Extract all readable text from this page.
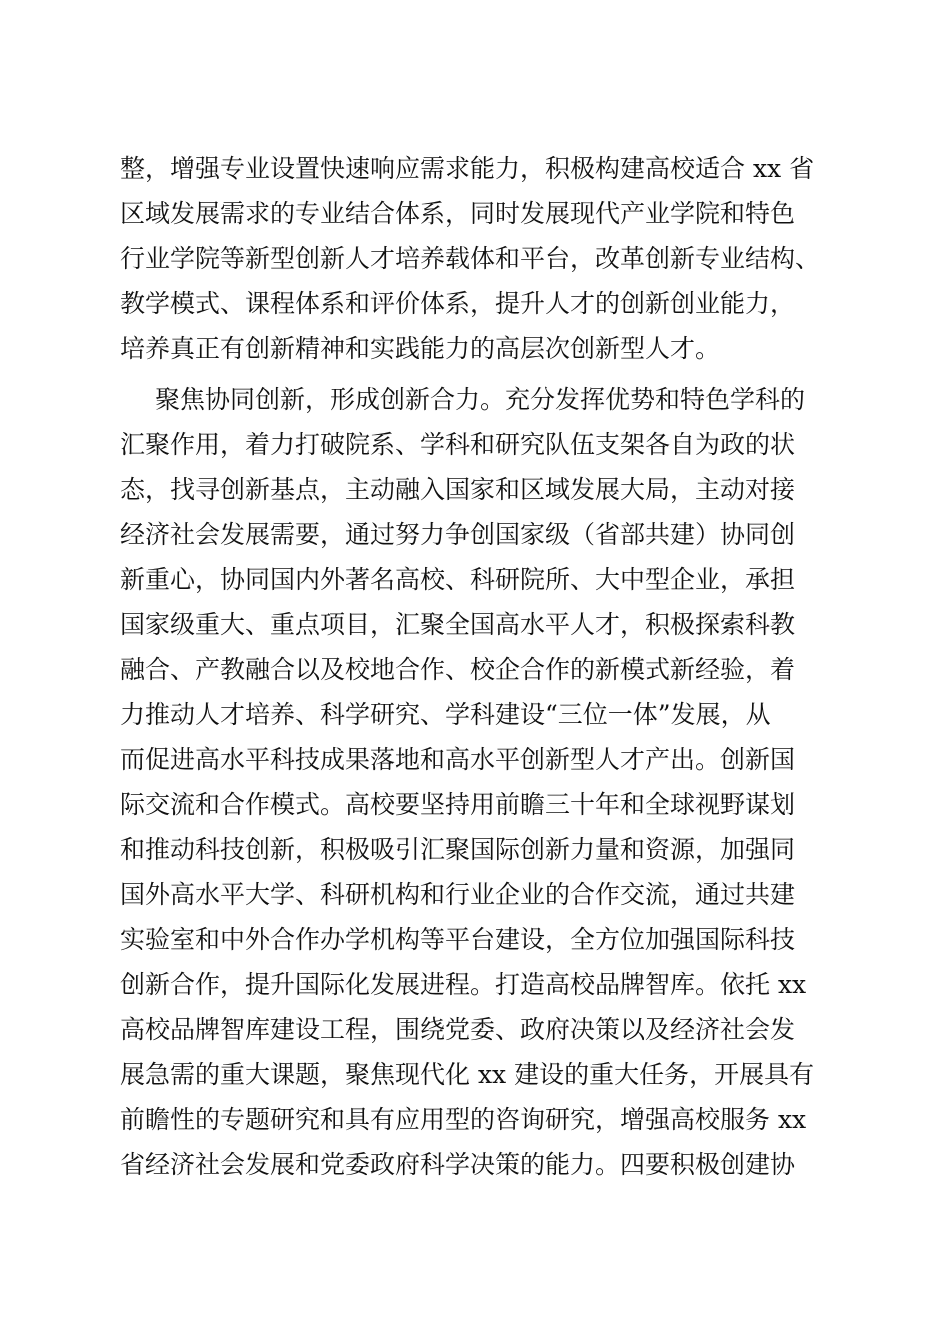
整，增强专业设置快速响应需求能力，积极构建高校适合 xx 省
区域发展需求的专业结合体系，同时发展现代产业学院和特色
行业学院等新型创新人才培养载体和平台，改革创新专业结构、
教学模式、课程体系和评价体系，提升人才的创新创业能力，
培养真正有创新精神和实践能力的高层次创新型人才。
聚焦协同创新，形成创新合力。充分发挥优势和特色学科的
汇聚作用，着力打破院系、学科和研究队伍支架各自为政的状
态，找寻创新基点，主动融入国家和区域发展大局，主动对接
经济社会发展需要，通过努力争创国家级（省部共建）协同创
新重心，协同国内外著名高校、科研院所、大中型企业，承担
国家级重大、重点项目，汇聚全国高水平人才，积极探索科教
融合、产教融合以及校地合作、校企合作的新模式新经验，着
力推动人才培养、科学研究、学科建设“三位一体”发展，从
而促进高水平科技成果落地和高水平创新型人才产出。创新国
际交流和合作模式。高校要坚持用前瞻三十年和全球视野谋划
和推动科技创新，积极吸引汇聚国际创新力量和资源，加强同
国外高水平大学、科研机构和行业企业的合作交流，通过共建
实验室和中外合作办学机构等平台建设，全方位加强国际科技
创新合作，提升国际化发展进程。打造高校品牌智库。依托 xx
高校品牌智库建设工程，围绕党委、政府决策以及经济社会发
展急需的重大课题，聚焦现代化 xx 建设的重大任务，开展具有
前瞻性的专题研究和具有应用型的咨询研究，增强高校服务 xx
省经济社会发展和党委政府科学决策的能力。四要积极创建协
